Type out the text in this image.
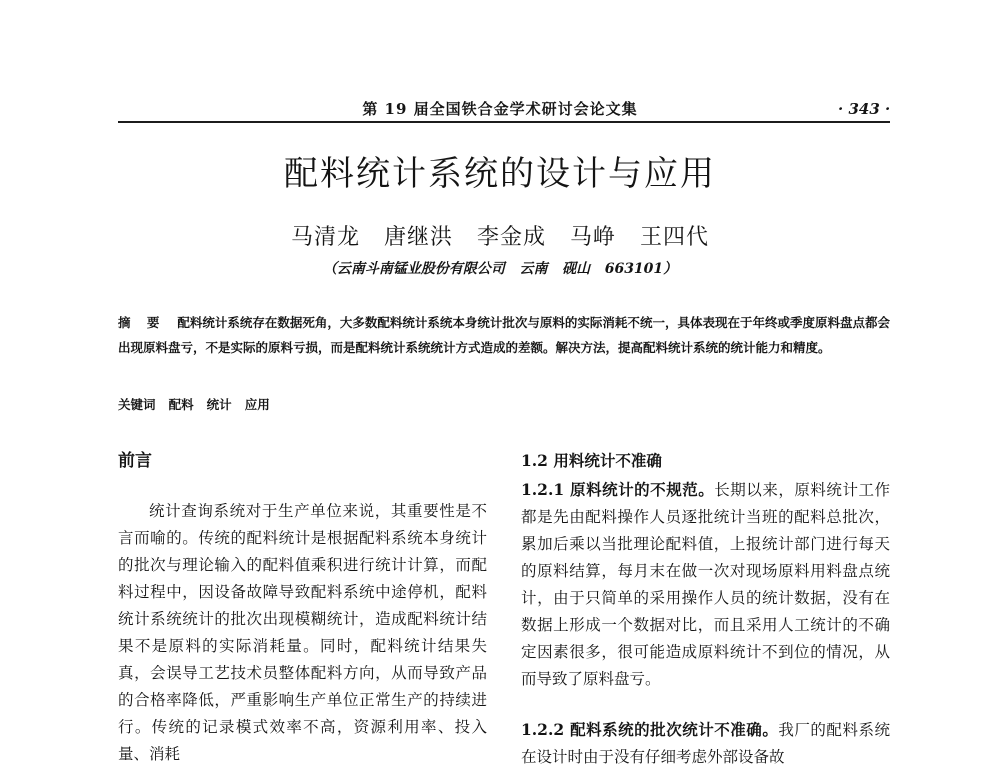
第 19 届全国铁合金学术研讨会论文集	· 343 ·
配料统计系统的设计与应用
马清龙   唐继洪   李金成   马峥   王四代
（云南斗南锰业股份有限公司   云南   砚山   663101）
摘 要 配料统计系统存在数据死角，大多数配料统计系统本身统计批次与原料的实际消耗不统一，具体表现在于年终或季度原料盘点都会出现原料盘亏，不是实际的原料亏损，而是配料统计系统统计方式造成的差额。解决方法，提高配料统计系统的统计能力和精度。
关键词 配料   统计   应用
前言
统计查询系统对于生产单位来说，其重要性是不言而喻的。传统的配料统计是根据配料系统本身统计的批次与理论输入的配料值乘积进行统计计算，而配料过程中，因设备故障导致配料系统中途停机，配料统计系统统计的批次出现模糊统计，造成配料统计结果不是原料的实际消耗量。同时，配料统计结果失真，会误导工艺技术员整体配料方向，从而导致产品的合格率降低，严重影响生产单位正常生产的持续进行。传统的记录模式效率不高，资源利用率、投入量、消耗
1.2 用料统计不准确
1.2.1 原料统计的不规范。长期以来，原料统计工作都是先由配料操作人员逐批统计当班的配料总批次，累加后乘以当批理论配料值，上报统计部门进行每天的原料结算，每月末在做一次对现场原料用料盘点统计，由于只简单的采用操作人员的统计数据，没有在数据上形成一个数据对比，而且采用人工统计的不确定因素很多，很可能造成原料统计不到位的情况，从而导致了原料盘亏。
1.2.2 配料系统的批次统计不准确。我厂的配料系统在设计时由于没有仔细考虑外部设备故
